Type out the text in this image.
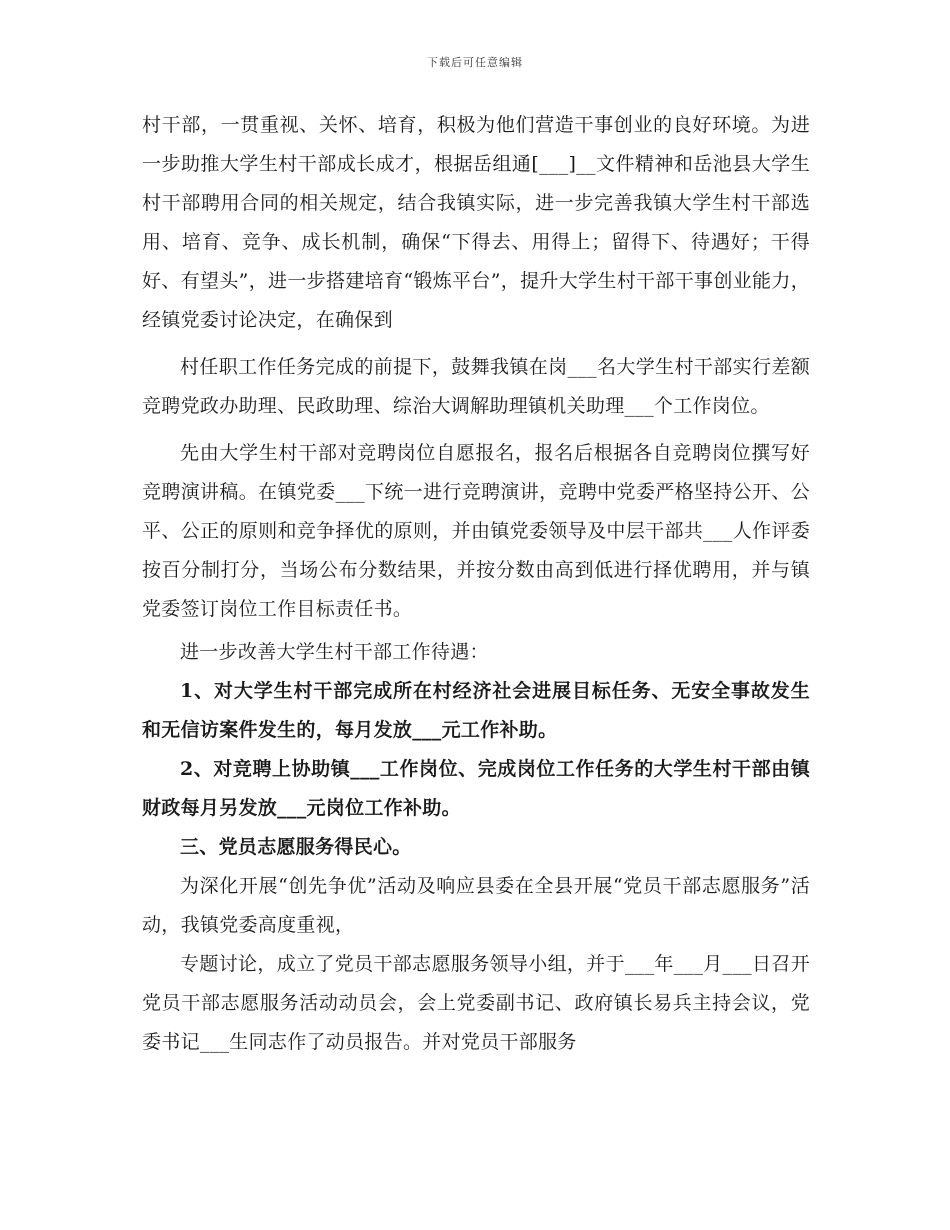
下载后可任意编辑

村干部，一贯重视、关怀、培育，积极为他们营造干事创业的良好环境。为进一步助推大学生村干部成长成才，根据岳组通[___]__文件精神和岳池县大学生村干部聘用合同的相关规定，结合我镇实际，进一步完善我镇大学生村干部选用、培育、竞争、成长机制，确保“下得去、用得上；留得下、待遇好；干得好、有望头”，进一步搭建培育“锻炼平台”，提升大学生村干部干事创业能力，经镇党委讨论决定，在确保到

村任职工作任务完成的前提下，鼓舞我镇在岗___名大学生村干部实行差额竞聘党政办助理、民政助理、综治大调解助理镇机关助理___个工作岗位。

先由大学生村干部对竞聘岗位自愿报名，报名后根据各自竞聘岗位撰写好竞聘演讲稿。在镇党委___下统一进行竞聘演讲，竞聘中党委严格坚持公开、公平、公正的原则和竞争择优的原则，并由镇党委领导及中层干部共___人作评委按百分制打分，当场公布分数结果，并按分数由高到低进行择优聘用，并与镇党委签订岗位工作目标责任书。

进一步改善大学生村干部工作待遇：

1、对大学生村干部完成所在村经济社会进展目标任务、无安全事故发生和无信访案件发生的，每月发放___元工作补助。

2、对竞聘上协助镇___工作岗位、完成岗位工作任务的大学生村干部由镇财政每月另发放___元岗位工作补助。

三、党员志愿服务得民心。

为深化开展“创先争优”活动及响应县委在全县开展“党员干部志愿服务”活动，我镇党委高度重视，

专题讨论，成立了党员干部志愿服务领导小组，并于___年___月___日召开党员干部志愿服务活动动员会，会上党委副书记、政府镇长易兵主持会议，党委书记___生同志作了动员报告。并对党员干部服务
